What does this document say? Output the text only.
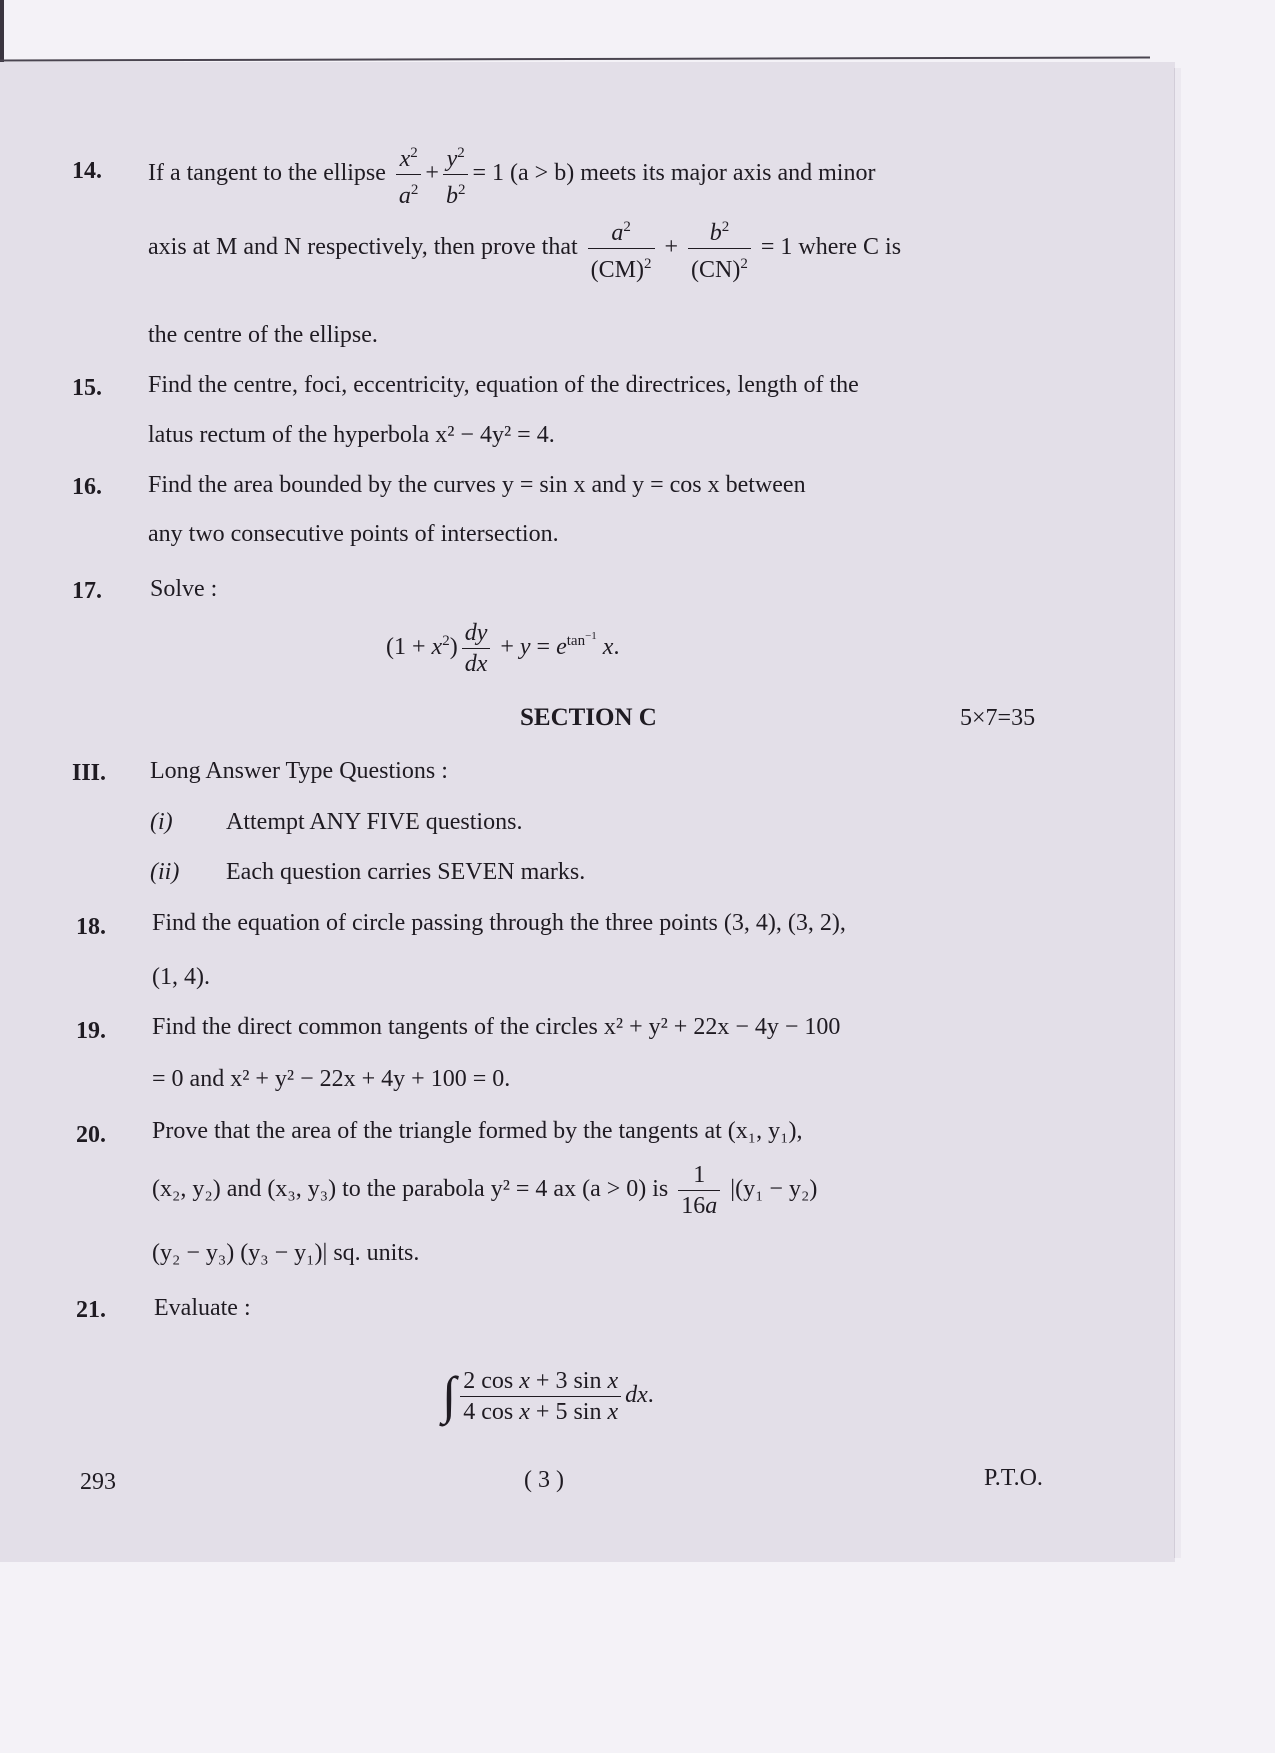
14. If a tangent to the ellipse $\frac{x^2}{a^2} + \frac{y^2}{b^2} = 1$ (a > b) meets its major axis and minor
axis at M and N respectively, then prove that $\frac{a^2}{(CM)^2} + \frac{b^2}{(CN)^2} = 1$ where C is
the centre of the ellipse.
15. Find the centre, foci, eccentricity, equation of the directrices, length of the
latus rectum of the hyperbola x² − 4y² = 4.
16. Find the area bounded by the curves y = sin x and y = cos x between
any two consecutive points of intersection.
17. Solve :
$(1 + x^2) \frac{dy}{dx} + y = e^{tan^{-1}}$ x.
SECTION C	5×7=35
III. Long Answer Type Questions :
(i) Attempt ANY FIVE questions.
(ii) Each question carries SEVEN marks.
18. Find the equation of circle passing through the three points (3, 4), (3, 2),
(1, 4).
19. Find the direct common tangents of the circles x² + y² + 22x − 4y − 100
= 0 and x² + y² − 22x + 4y + 100 = 0.
20. Prove that the area of the triangle formed by the tangents at (x₁, y₁),
(x₂, y₂) and (x₃, y₃) to the parabola y² = 4 ax (a > 0) is $\frac{1}{16a} |(y_1 - y_2)$
(y₂ − y₃) (y₃ − y₁)| sq. units.
21. Evaluate :
∫ $\frac{\text{2 cos x + 3 sin x}}{\text{4 cos x + 5 sin x}}$ dx.
293	( 3 )	P.T.O.
